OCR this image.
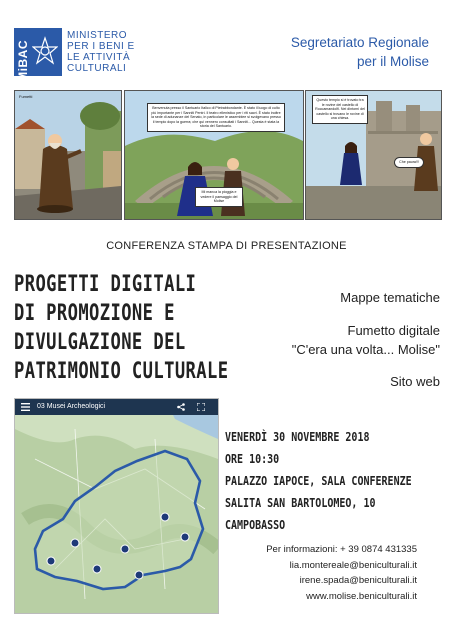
MiBAC
MINISTERO
PER I BENI E
LE ATTIVITÀ
CULTURALI
Segretariato Regionale
per il Molise
Fumetti
Benvenuta presso il Santuario Italico di Pietrabbondante. È stato il luogo di culto più importante per i Sanniti Pentri. Il teatro ellenistico per i riti sacri. È stato inoltre la sede di adunanze del Senato, in particolare le assemblee si svolgevano presso il tempio dopo la guerra; che qui vennero consultati i Sanniti... Questa è stata la storia del Santuario.
Mi manca la pioggia e vedere il paesaggio del Molise
Questo tempio si è trovato tra le rovine del castello di Roccamandolfi. Nei dintorni del castello si trovano le rovine di una chiesa.
Che paura!!!
CONFERENZA STAMPA DI PRESENTAZIONE
PROGETTI DIGITALI
DI PROMOZIONE E
DIVULGAZIONE DEL
PATRIMONIO CULTURALE
Mappe tematiche
Fumetto digitale
"C'era una volta... Molise"
Sito web
03 Musei Archeologici
VENERDÌ 30 NOVEMBRE 2018
ORE 10:30
PALAZZO IAPOCE, SALA CONFERENZE
SALITA SAN BARTOLOMEO, 10
CAMPOBASSO
Per informazioni: + 39 0874 431335
lia.montereale@beniculturali.it
irene.spada@beniculturali.it
www.molise.beniculturali.it
